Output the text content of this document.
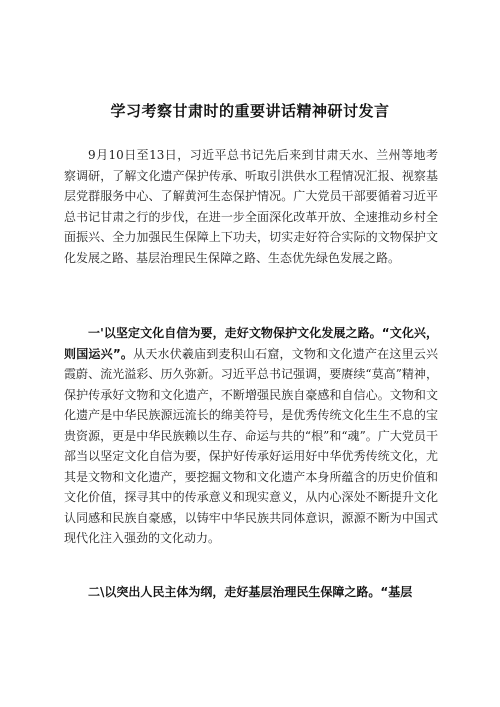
学习考察甘肃时的重要讲话精神研讨发言

9月10日至13日，习近平总书记先后来到甘肃天水、兰州等地考察调研，了解文化遗产保护传承、听取引洪供水工程情况汇报、视察基层党群服务中心、了解黄河生态保护情况。广大党员干部要循着习近平总书记甘肃之行的步伐，在进一步全面深化改革开放、全速推动乡村全面振兴、全力加强民生保障上下功夫，切实走好符合实际的文物保护文化发展之路、基层治理民生保障之路、生态优先绿色发展之路。

一'以坚定文化自信为要，走好文物保护文化发展之路。“文化兴，则国运兴”。从天水伏羲庙到麦积山石窟，文物和文化遗产在这里云兴霞蔚、流光溢彩、历久弥新。习近平总书记强调，要赓续“莫高”精神，保护传承好文物和文化遗产，不断增强民族自豪感和自信心。文物和文化遗产是中华民族源远流长的绵美符号，是优秀传统文化生生不息的宝贵资源，更是中华民族赖以生存、命运与共的“根”和“魂”。广大党员干部当以坚定文化自信为要，保护好传承好运用好中华优秀传统文化，尤其是文物和文化遗产，要挖掘文物和文化遗产本身所蕴含的历史价值和文化价值，探寻其中的传承意义和现实意义，从内心深处不断提升文化认同感和民族自豪感，以铸牢中华民族共同体意识，源源不断为中国式现代化注入强劲的文化动力。

二\以突出人民主体为纲，走好基层治理民生保障之路。“基层
